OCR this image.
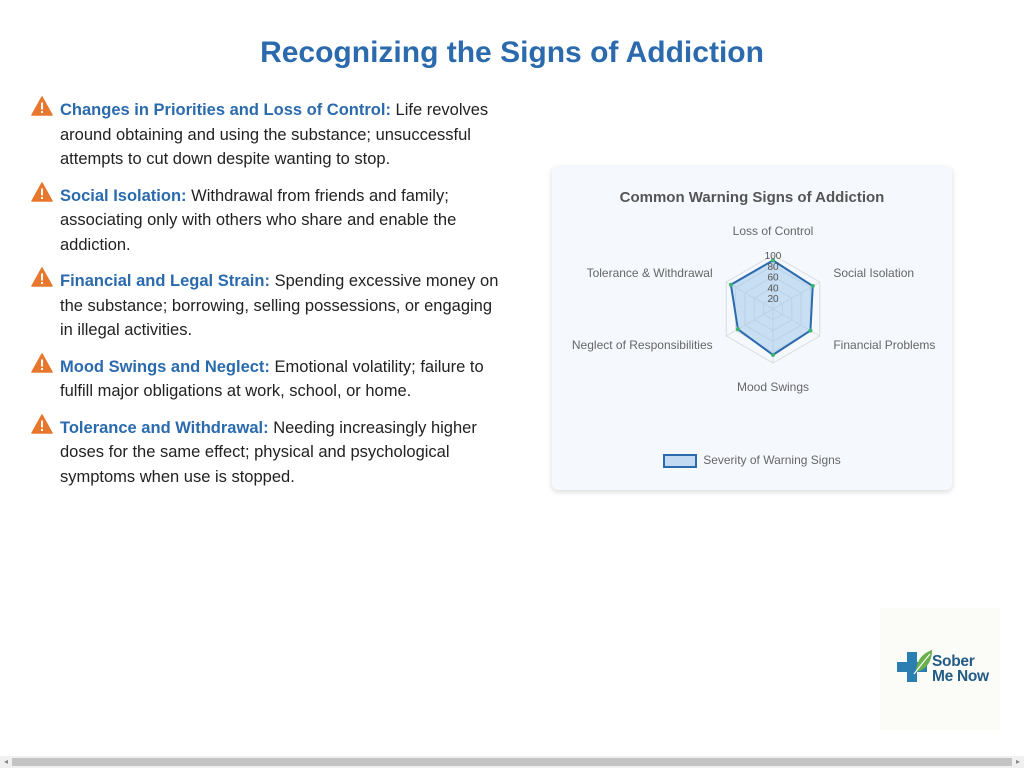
Recognizing the Signs of Addiction
Changes in Priorities and Loss of Control: Life revolves around obtaining and using the substance; unsuccessful attempts to cut down despite wanting to stop.
Social Isolation: Withdrawal from friends and family; associating only with others who share and enable the addiction.
Financial and Legal Strain: Spending excessive money on the substance; borrowing, selling possessions, or engaging in illegal activities.
Mood Swings and Neglect: Emotional volatility; failure to fulfill major obligations at work, school, or home.
Tolerance and Withdrawal: Needing increasingly higher doses for the same effect; physical and psychological symptoms when use is stopped.
Common Warning Signs of Addiction
20
40
60
80
100
Loss of Control
Social Isolation
Financial Problems
Mood Swings
Neglect of Responsibilities
Tolerance & Withdrawal
Severity of Warning Signs
Sober
Me Now
◂	▸
